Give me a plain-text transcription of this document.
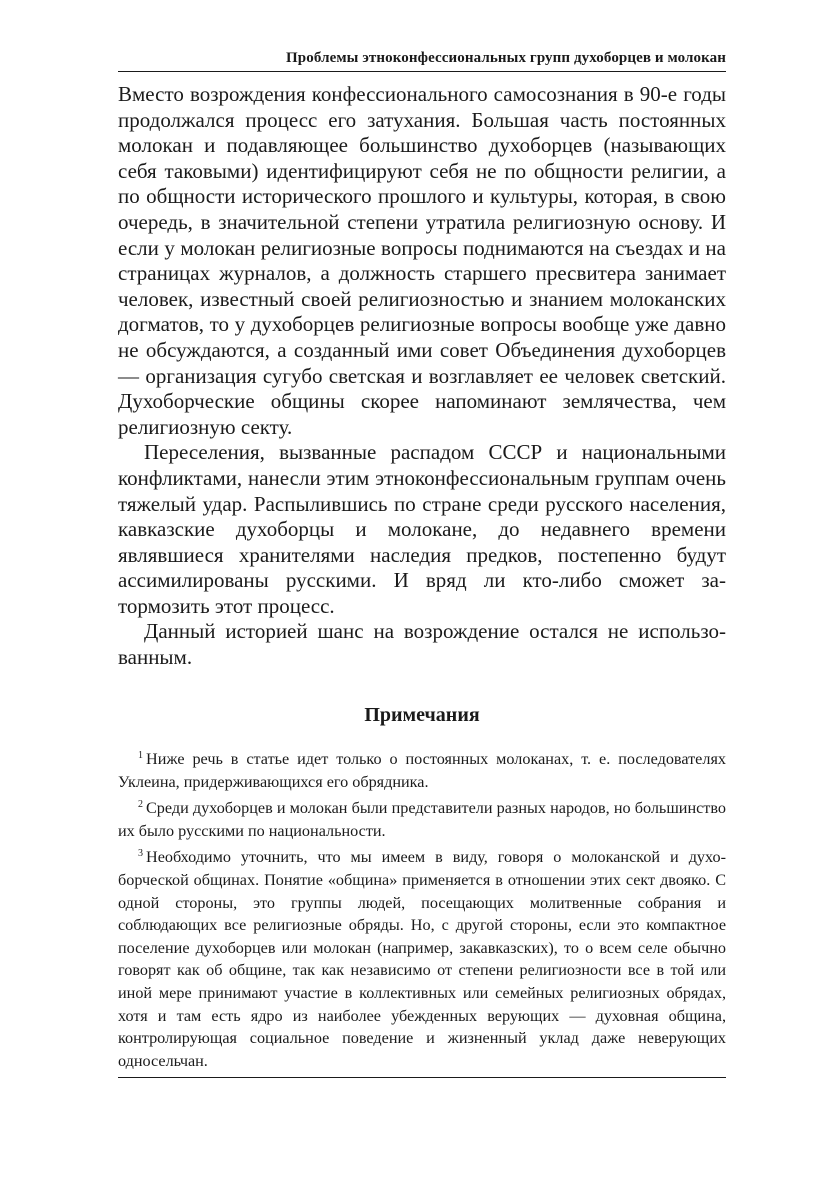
Проблемы этноконфессиональных групп духоборцев и молокан

Вместо возрождения конфессионального самосознания в 90-е годы продолжался процесс его затухания. Большая часть постоянных молокан и подавляющее большинство духоборцев (называющих себя таковыми) идентифицируют себя не по общности религии, а по общности исторического прошлого и культуры, которая, в свою очередь, в значительной степени утратила религиозную основу. И если у молокан религиозные вопросы поднимаются на съездах и на страницах журналов, а должность старшего пресвитера занимает человек, известный своей религиозностью и знанием молоканских догматов, то у духоборцев религиозные вопросы вообще уже давно не обсуждаются, а созданный ими совет Объединения духоборцев — организация сугубо светская и возглавляет ее человек светский. Духоборческие общины скорее напоминают землячества, чем религиозную секту.

Переселения, вызванные распадом СССР и национальными конфликтами, нанесли этим этноконфессиональным группам очень тяжелый удар. Распылившись по стране среди русского населения, кавказские духоборцы и молокане, до недавнего времени являвшиеся хранителями наследия предков, постепенно будут ассимилированы русскими. И вряд ли кто-либо сможет затормозить этот процесс.

Данный историей шанс на возрождение остался не использованным.

Примечания

$^1$ Ниже речь в статье идет только о постоянных молоканах, т. е. последователях Уклеина, придерживающихся его обрядника.

$^2$ Среди духоборцев и молокан были представители разных народов, но большинство их было русскими по национальности.

$^3$ Необходимо уточнить, что мы имеем в виду, говоря о молоканской и духоборческой общинах. Понятие «община» применяется в отношении этих сект двояко. С одной стороны, это группы людей, посещающих молитвенные собрания и соблюдающих все религиозные обряды. Но, с другой стороны, если это компактное поселение духоборцев или молокан (например, закавказских), то о всем селе обычно говорят как об общине, так как независимо от степени религиозности все в той или иной мере принимают участие в коллективных или семейных религиозных обрядах, хотя и там есть ядро из наиболее убежденных верующих — духовная община, контролирующая социальное поведение и жизненный уклад даже неверующих односельчан.
